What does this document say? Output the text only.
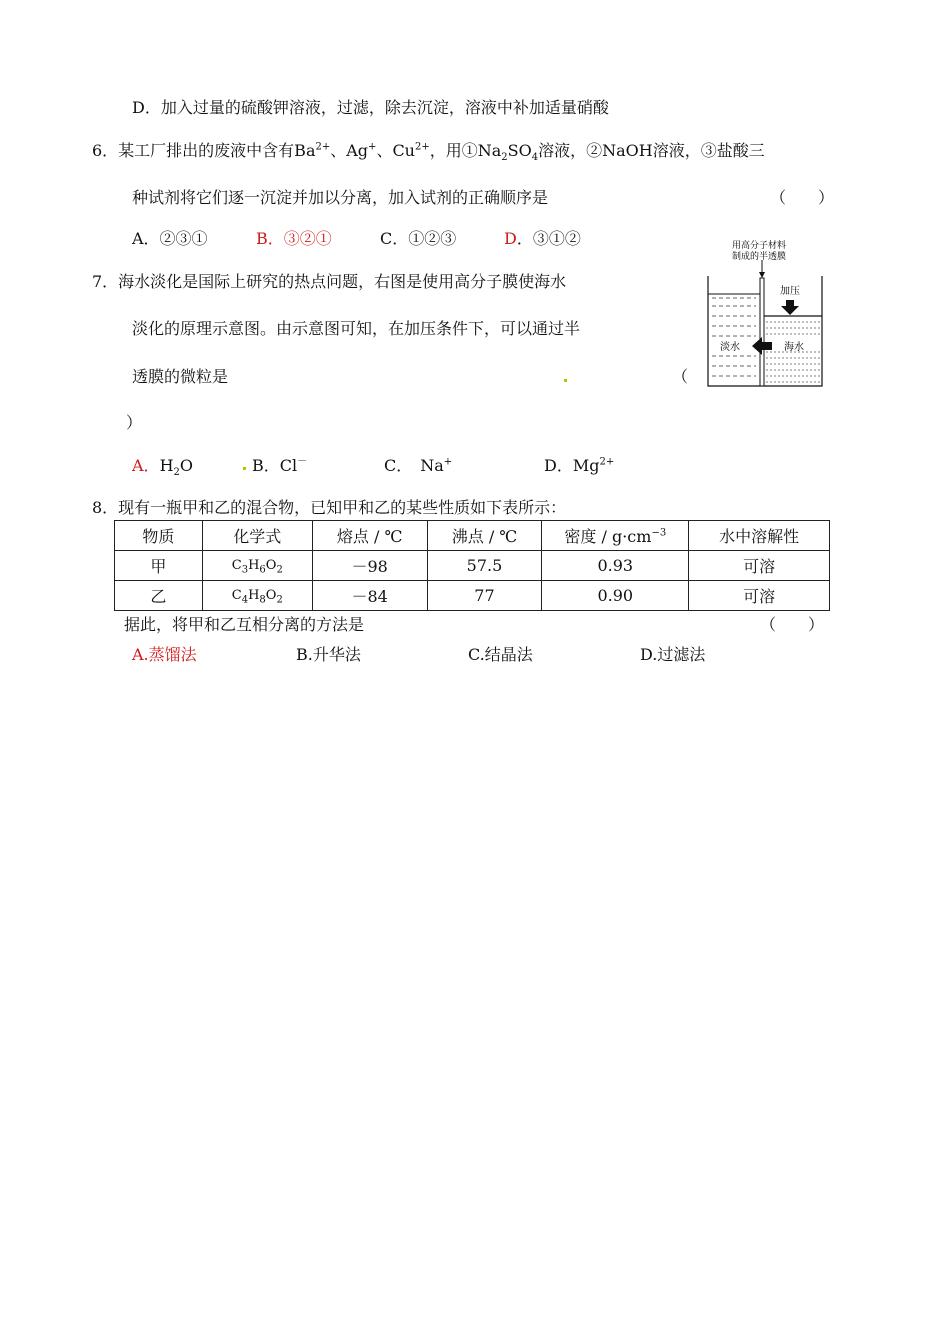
D．加入过量的硫酸钾溶液，过滤，除去沉淀，溶液中补加适量硝酸
6．某工厂排出的废液中含有$Ba^{2+}$、Ag+、$Cu^{2+}$，用$①Na_2SO_4$溶液，②NaOH溶液，③盐酸三
种试剂将它们逐一沉淀并加以分离，加入试剂的正确顺序是	（　　）
A．②③①	B．③②①	C．①②③	D．③①②
7．海水淡化是国际上研究的热点问题，右图是使用高分子膜使海水
淡化的原理示意图。由示意图可知，在加压条件下，可以通过半
透膜的微粒是	（
）
A．$H_2O$	B．Cl－	C．　Na+	D．$Mg^{2+}$
用高分子材料
制成的半透膜
加压
淡水	海水
8．现有一瓶甲和乙的混合物，已知甲和乙的某些性质如下表所示：
物质	化学式	熔点 / ℃	沸点 / ℃	密度 / $g\cdot cm^{-3}$	水中溶解性
甲	$C_3H_6O_2$	－98	57.5	0.93	可溶
乙	$C_4H_8O_2$	－84	77	0.90	可溶
据此，将甲和乙互相分离的方法是	（　　）
A.蒸馏法	B.升华法	C.结晶法	D.过滤法
